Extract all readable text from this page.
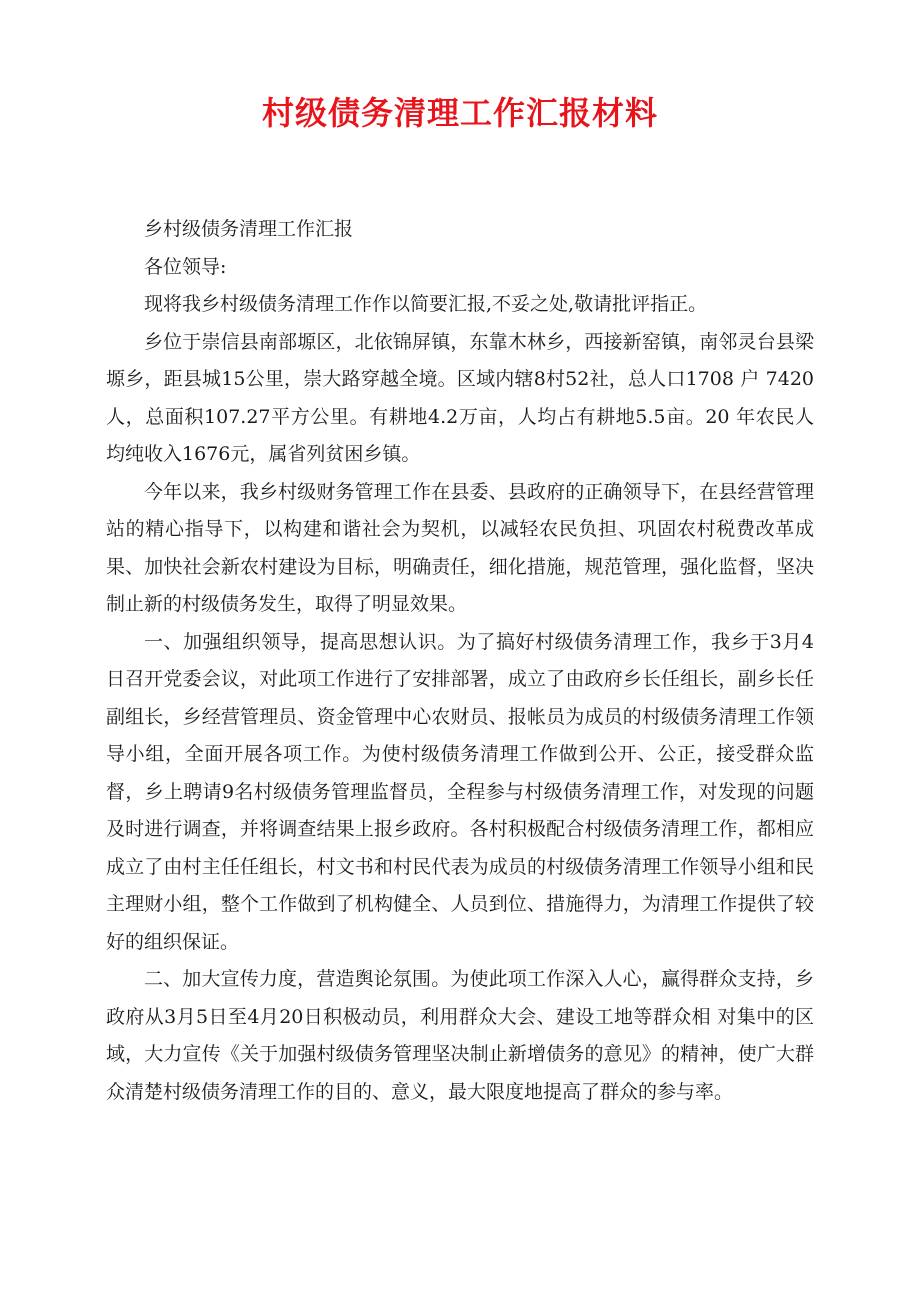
村级债务清理工作汇报材料

乡村级债务清理工作汇报

各位领导:

现将我乡村级债务清理工作作以简要汇报,不妥之处,敬请批评指正。

乡位于崇信县南部塬区，北依锦屏镇，东靠木林乡，西接新窑镇，南邻灵台县梁塬乡，距县城15公里，崇大路穿越全境。区域内辖8村52社，总人口1708 户 7420人，总面积107.27平方公里。有耕地4.2万亩，人均占有耕地5.5亩。20 年农民人均纯收入1676元，属省列贫困乡镇。

今年以来，我乡村级财务管理工作在县委、县政府的正确领导下，在县经营管理站的精心指导下，以构建和谐社会为契机，以减轻农民负担、巩固农村税费改革成果、加快社会新农村建设为目标，明确责任，细化措施，规范管理，强化监督，坚决制止新的村级债务发生，取得了明显效果。

一、加强组织领导，提高思想认识。为了搞好村级债务清理工作，我乡于3月4日召开党委会议，对此项工作进行了安排部署，成立了由政府乡长任组长，副乡长任副组长，乡经营管理员、资金管理中心农财员、报帐员为成员的村级债务清理工作领导小组，全面开展各项工作。为使村级债务清理工作做到公开、公正，接受群众监督，乡上聘请9名村级债务管理监督员，全程参与村级债务清理工作，对发现的问题及时进行调查，并将调查结果上报乡政府。各村积极配合村级债务清理工作，都相应成立了由村主任任组长，村文书和村民代表为成员的村级债务清理工作领导小组和民主理财小组，整个工作做到了机构健全、人员到位、措施得力，为清理工作提供了较好的组织保证。

二、加大宣传力度，营造舆论氛围。为使此项工作深入人心，赢得群众支持，乡政府从3月5日至4月20日积极动员，利用群众大会、建设工地等群众相 对集中的区域，大力宣传《关于加强村级债务管理坚决制止新增债务的意见》的精神，使广大群众清楚村级债务清理工作的目的、意义，最大限度地提高了群众的参与率。
